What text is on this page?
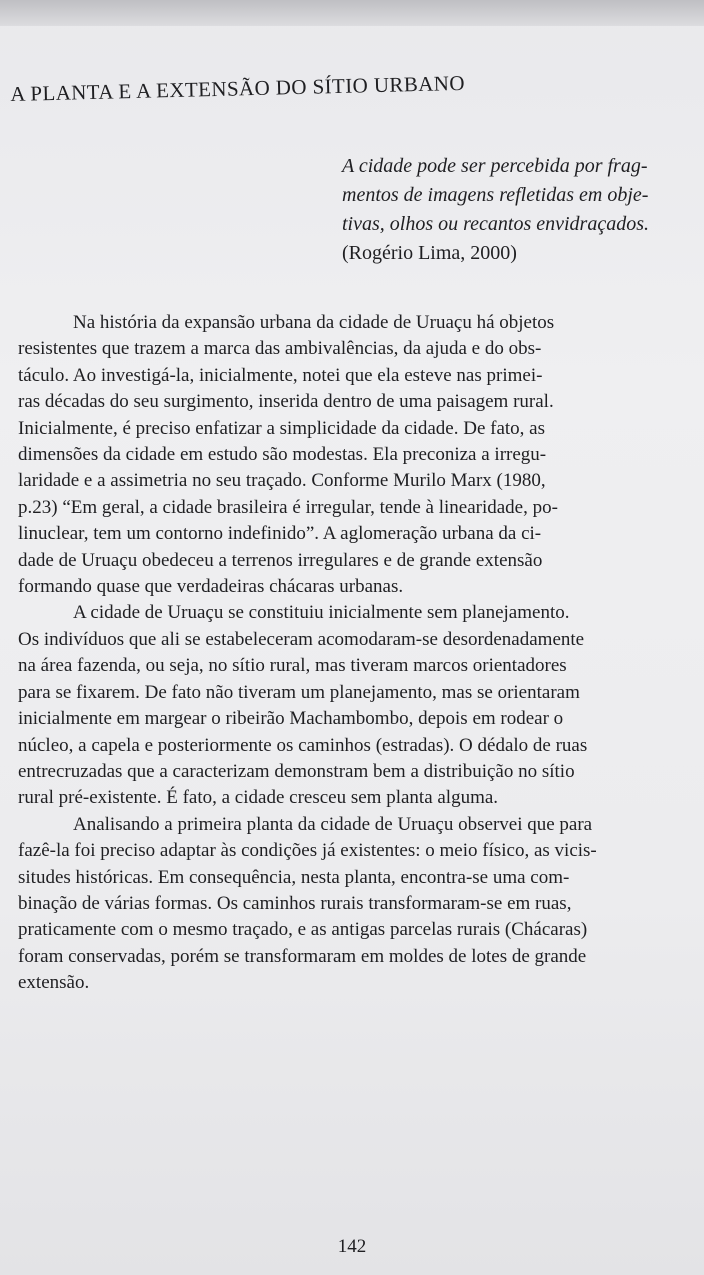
A PLANTA E A EXTENSÃO DO SÍTIO URBANO
A cidade pode ser percebida por frag-
mentos de imagens refletidas em obje-
tivas, olhos ou recantos envidraçados.
(Rogério Lima, 2000)
Na história da expansão urbana da cidade de Uruaçu há objetos
resistentes que trazem a marca das ambivalências, da ajuda e do obs-
táculo. Ao investigá-la, inicialmente, notei que ela esteve nas primei-
ras décadas do seu surgimento, inserida dentro de uma paisagem rural.
Inicialmente, é preciso enfatizar a simplicidade da cidade. De fato, as
dimensões da cidade em estudo são modestas. Ela preconiza a irregu-
laridade e a assimetria no seu traçado. Conforme Murilo Marx (1980,
p.23) “Em geral, a cidade brasileira é irregular, tende à linearidade, po-
linuclear, tem um contorno indefinido”. A aglomeração urbana da ci-
dade de Uruaçu obedeceu a terrenos irregulares e de grande extensão
formando quase que verdadeiras chácaras urbanas.
A cidade de Uruaçu se constituiu inicialmente sem planejamento.
Os indivíduos que ali se estabeleceram acomodaram-se desordenadamente
na área fazenda, ou seja, no sítio rural, mas tiveram marcos orientadores
para se fixarem. De fato não tiveram um planejamento, mas se orientaram
inicialmente em margear o ribeirão Machambombo, depois em rodear o
núcleo, a capela e posteriormente os caminhos (estradas). O dédalo de ruas
entrecruzadas que a caracterizam demonstram bem a distribuição no sítio
rural pré-existente. É fato, a cidade cresceu sem planta alguma.
Analisando a primeira planta da cidade de Uruaçu observei que para
fazê-la foi preciso adaptar às condições já existentes: o meio físico, as vicis-
situdes históricas. Em consequência, nesta planta, encontra-se uma com-
binação de várias formas. Os caminhos rurais transformaram-se em ruas,
praticamente com o mesmo traçado, e as antigas parcelas rurais (Chácaras)
foram conservadas, porém se transformaram em moldes de lotes de grande
extensão.
142
